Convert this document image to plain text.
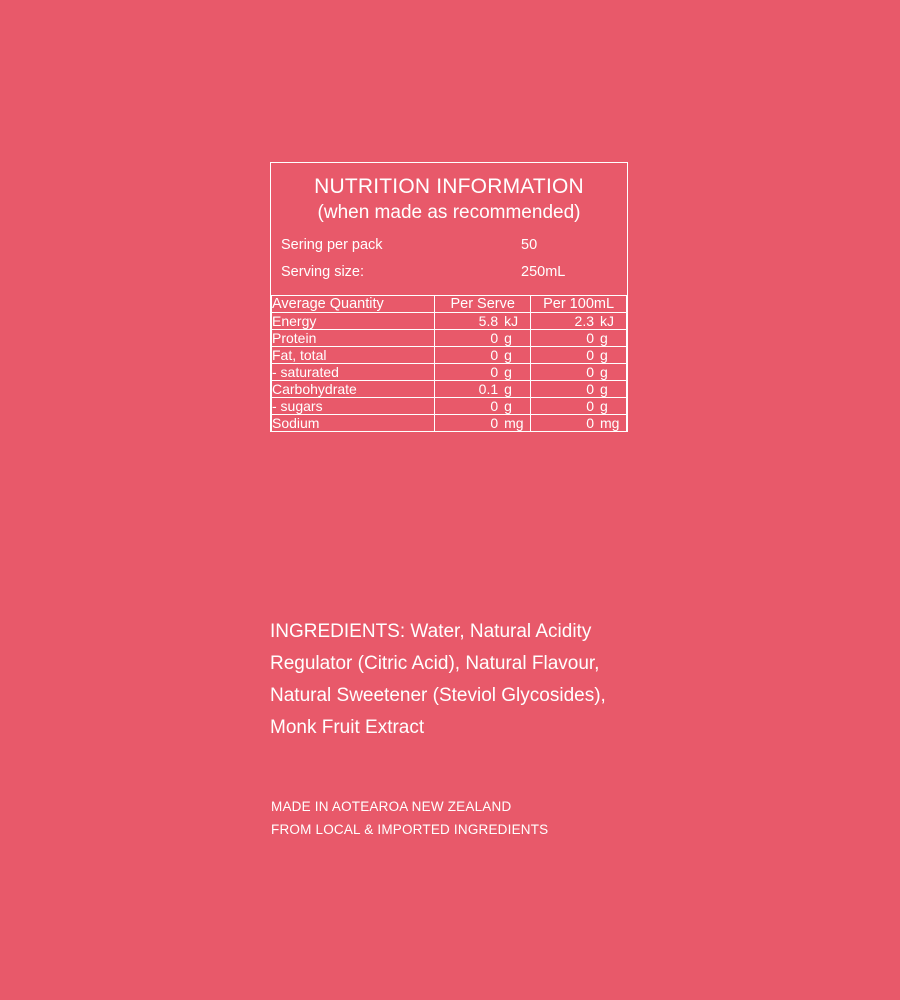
NUTRITION INFORMATION
(when made as recommended)
Sering per pack	50
Serving size:	250mL
Average Quantity	Per Serve	Per 100mL
Energy	5.8 kJ	2.3 kJ
Protein	0 g	0 g
Fat, total	0 g	0 g
- saturated	0 g	0 g
Carbohydrate	0.1 g	0 g
- sugars	0 g	0 g
Sodium	0 mg	0 mg
INGREDIENTS: Water, Natural Acidity Regulator (Citric Acid), Natural Flavour, Natural Sweetener (Steviol Glycosides), Monk Fruit Extract
MADE IN AOTEAROA NEW ZEALAND
FROM LOCAL & IMPORTED INGREDIENTS
